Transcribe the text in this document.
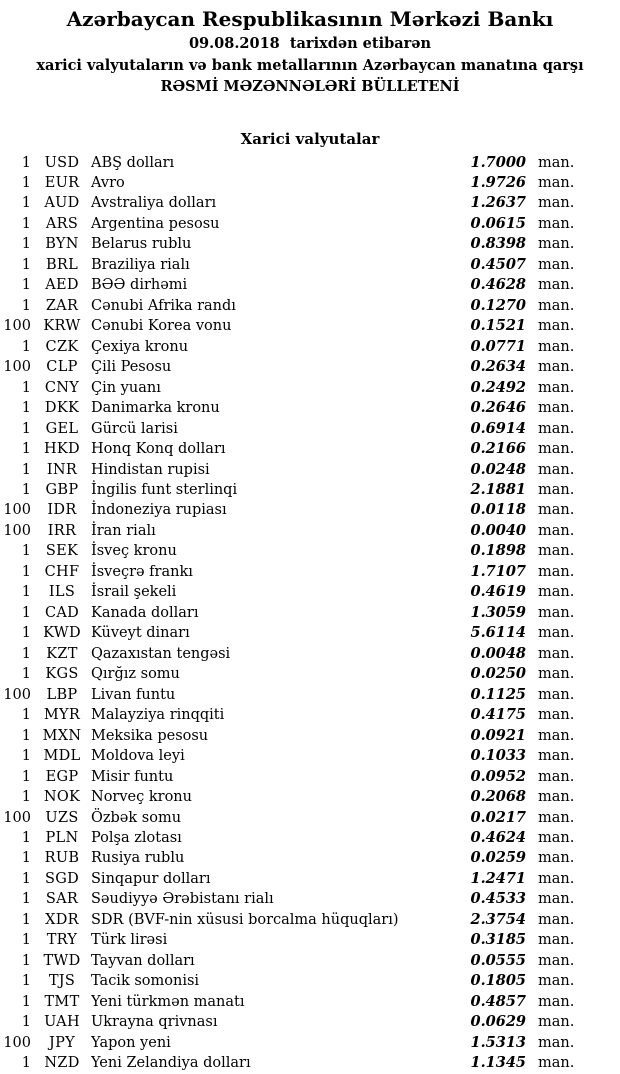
Azərbaycan Respublikasının Mərkəzi Bankı
09.08.2018  tarixdən etibarən
xarici valyutaların və bank metallarının Azərbaycan manatına qarşı
RƏSMİ MƏZƏNNƏLƏRİ BÜLLETENİ
Xarici valyutalar
1 USD ABŞ dolları	1.7000 man.
1 EUR Avro	1.9726 man.
1 AUD Avstraliya dolları	1.2637 man.
1	ARS Argentina pesosu	0.0615 man.
1 BYN Belarus rublu	0.8398 man.
1	BRL Braziliya rialı	0.4507 man.
1 AED BƏƏ dirhəmi	0.4628 man.
1	ZAR Cənubi Afrika randı	0.1270 man.
100 KRW Cənubi Korea vonu	0.1521 man.
1	CZK Çexiya kronu	0.0771 man.
100	CLP Çili Pesosu	0.2634 man.
1 CNY Çin yuanı	0.2492 man.
1 DKK Danimarka kronu	0.2646 man.
1	GEL Gürcü larisi	0.6914 man.
1 HKD Honq Konq dolları	0.2166 man.
1	INR Hindistan rupisi	0.0248 man.
1	GBP İngilis funt sterlinqi	2.1881 man.
100	IDR İndoneziya rupiası	0.0118 man.
100	IRR	İran rialı	0.0040 man.
1	SEK İsveç kronu	0.1898 man.
1 CHF İsveçrə frankı	1.7107 man.
1	ILS	İsrail şekeli	0.4619 man.
1 CAD Kanada dolları	1.3059 man.
1 KWD Küveyt dinarı	5.6114 man.
1	KZT Qazaxıstan tengəsi	0.0048 man.
1 KGS Qırğız somu	0.0250 man.
100	LBP Livan funtu	0.1125 man.
1 MYR Malayziya rinqqiti	0.4175 man.
1 MXN Meksika pesosu	0.0921 man.
1 MDL Moldova leyi	0.1033 man.
1	EGP Misir funtu	0.0952 man.
1 NOK Norveç kronu	0.2068 man.
100 UZS Özbək somu	0.0217 man.
1	PLN Polşa zlotası	0.4624 man.
1 RUB Rusiya rublu	0.0259 man.
1 SGD Sinqapur dolları	1.2471 man.
1	SAR Səudiyyə Ərəbistanı rialı	0.4533 man.
1 XDR SDR (BVF-nin xüsusi borcalma hüquqları)	2.3754 man.
1	TRY Türk lirəsi	0.3185 man.
1 TWD Tayvan dolları	0.0555 man.
1	TJS	Tacik somonisi	0.1805 man.
1 TMT Yeni türkmən manatı	0.4857 man.
1 UAH Ukrayna qrivnası	0.0629 man.
100	JPY	Yapon yeni	1.5313 man.
1 NZD Yeni Zelandiya dolları	1.1345 man.
